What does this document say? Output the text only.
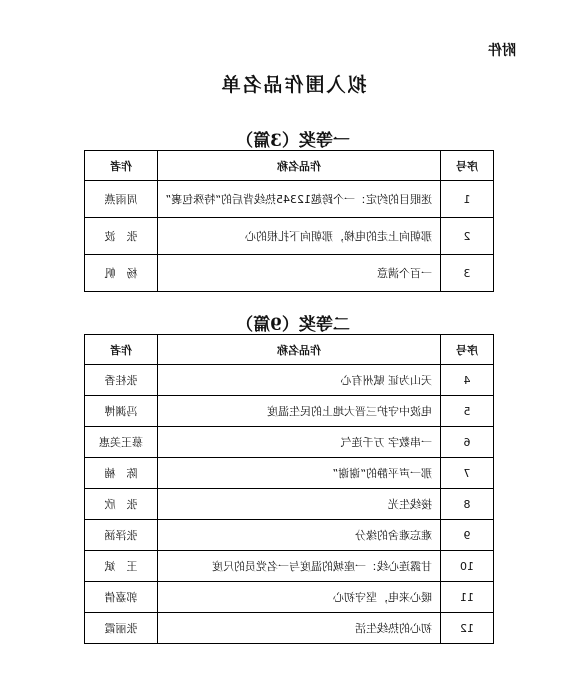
附件
拟入围作品名单
一等奖（3篇）
序号	作品名称	作者
1	迷眼目的约定：一个跨越12345热线背后的“特殊包裹”	周雨燕
2	那朝向上走的电梯，那朝向下扎根的心	张　波
3	一百个满意	杨　帆
二等奖（9篇）
序号	作品名称	作者
4	天山为证 赋州有心	张桂香
5	电波中守护三晋大地上的民生温度	冯渊博
6	一串数字 万千连气	慕王美惠
7	那一声平静的“谢谢”	陈　楠
8	接线生光	张　欣
9	难忘难舍的缘分	张泽涵
10	甘露连心线：一座城的温度与一名党员的尺度	王　斌
11	暖心来电，坚守初心	郭嘉倩
12	初心的热线生活	张丽霞
